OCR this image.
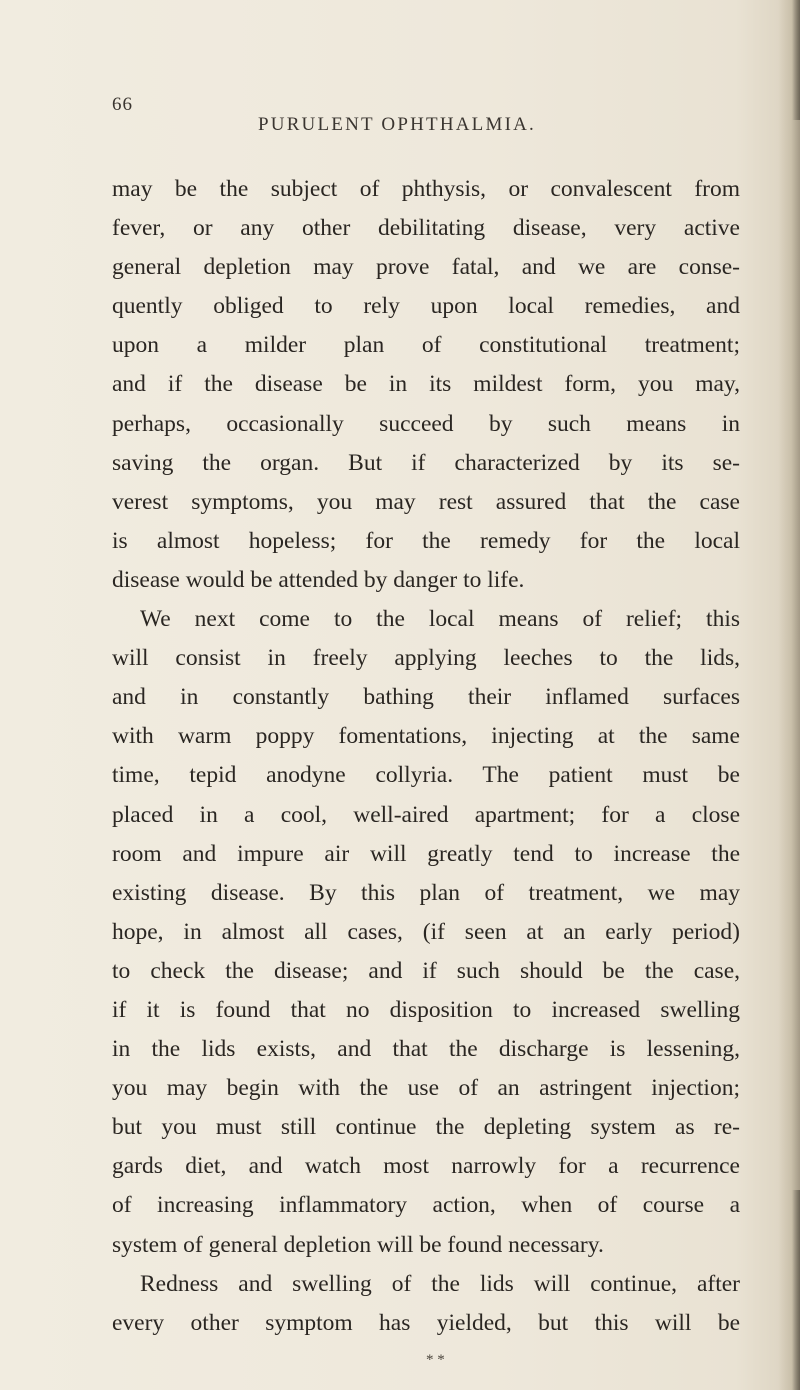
66
PURULENT OPHTHALMIA.
may be the subject of phthysis, or convalescent from
fever, or any other debilitating disease, very active
general depletion may prove fatal, and we are conse-
quently obliged to rely upon local remedies, and
upon a milder plan of constitutional treatment;
and if the disease be in its mildest form, you may,
perhaps, occasionally succeed by such means in
saving the organ. But if characterized by its se-
verest symptoms, you may rest assured that the case
is almost hopeless; for the remedy for the local
disease would be attended by danger to life.
We next come to the local means of relief; this
will consist in freely applying leeches to the lids,
and in constantly bathing their inflamed surfaces
with warm poppy fomentations, injecting at the same
time, tepid anodyne collyria. The patient must be
placed in a cool, well-aired apartment; for a close
room and impure air will greatly tend to increase the
existing disease. By this plan of treatment, we may
hope, in almost all cases, (if seen at an early period)
to check the disease; and if such should be the case,
if it is found that no disposition to increased swelling
in the lids exists, and that the discharge is lessening,
you may begin with the use of an astringent injection;
but you must still continue the depleting system as re-
gards diet, and watch most narrowly for a recurrence
of increasing inflammatory action, when of course a
system of general depletion will be found necessary.
Redness and swelling of the lids will continue, after
every other symptom has yielded, but this will be
* *
